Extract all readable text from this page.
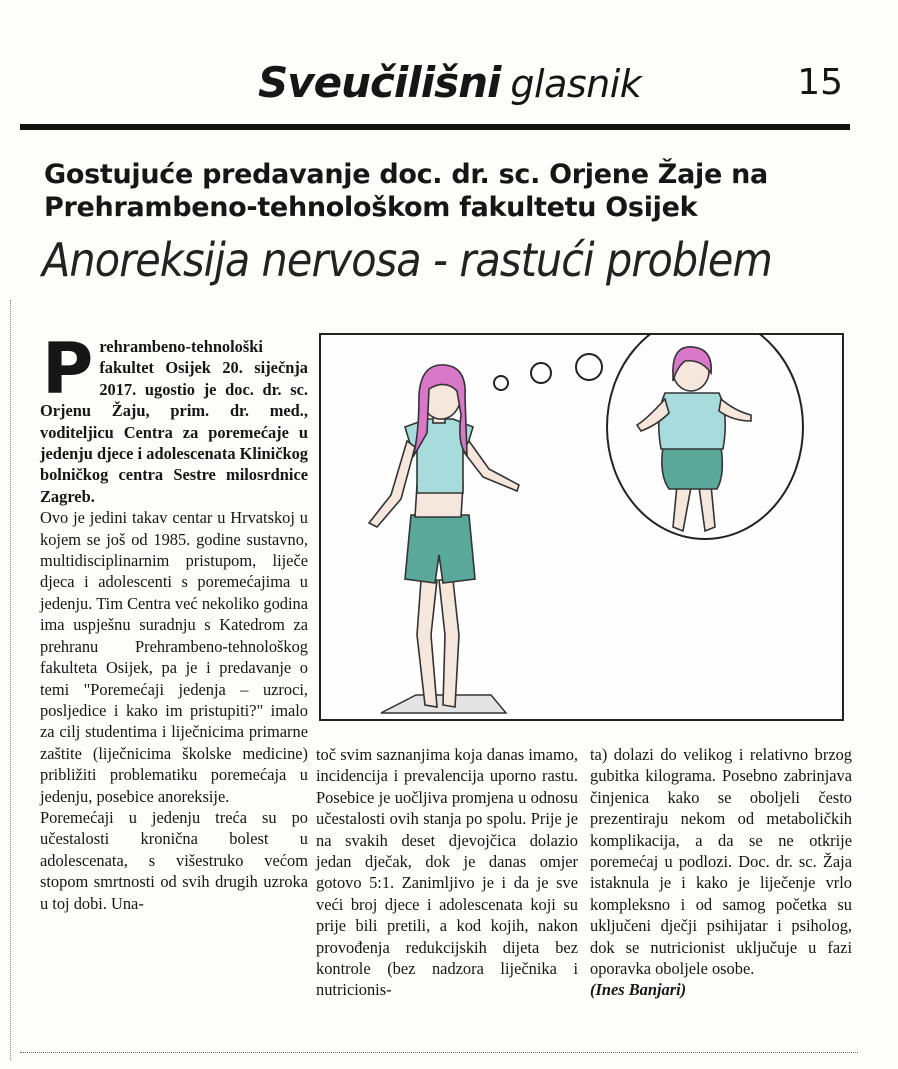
Sveučilišni glasnik	15
Gostujuće predavanje doc. dr. sc. Orjene Žaje na Prehrambeno-tehnološkom fakultetu Osijek
Anoreksija nervosa - rastući problem

Prehrambeno-tehnološki fakultet Osijek 20. siječnja 2017. ugostio je doc. dr. sc. Orjenu Žaju, prim. dr. med., voditeljicu Centra za poremećaje u jedenju djece i adolescenata Kliničkog bolničkog centra Sestre milosrdnice Zagreb.

Ovo je jedini takav centar u Hrvatskoj u kojem se još od 1985. godine sustavno, multidisciplinarnim pristupom, liječe djeca i adolescenti s poremećajima u jedenju. Tim Centra već nekoliko godina ima uspješnu suradnju s Katedrom za prehranu Prehrambeno-tehnološkog fakulteta Osijek, pa je i predavanje o temi "Poremećaji jedenja – uzroci, posljedice i kako im pristupiti?" imalo za cilj studentima i liječnicima primarne zaštite (liječnicima školske medicine) približiti problematiku poremećaja u jedenju, posebice anoreksije.

Poremećaji u jedenju treća su po učestalosti kronična bolest u adolescenata, s višestruko većom stopom smrtnosti od svih drugih uzroka u toj dobi. Una-

toč svim saznanjima koja danas imamo, incidencija i prevalencija uporno rastu. Posebice je uočljiva promjena u odnosu učestalosti ovih stanja po spolu. Prije je na svakih deset djevojčica dolazio jedan dječak, dok je danas omjer gotovo 5:1. Zanimljivo je i da je sve veći broj djece i adolescenata koji su prije bili pretili, a kod kojih, nakon provođenja redukcijskih dijeta bez kontrole (bez nadzora liječnika i nutricionis-

ta) dolazi do velikog i relativno brzog gubitka kilograma. Posebno zabrinjava činjenica kako se oboljeli često prezentiraju nekom od metaboličkih komplikacija, a da se ne otkrije poremećaj u podlozi. Doc. dr. sc. Žaja istaknula je i kako je liječenje vrlo kompleksno i od samog početka su uključeni dječji psihijatar i psiholog, dok se nutricionist uključuje u fazi oporavka oboljele osobe.

(Ines Banjari)
